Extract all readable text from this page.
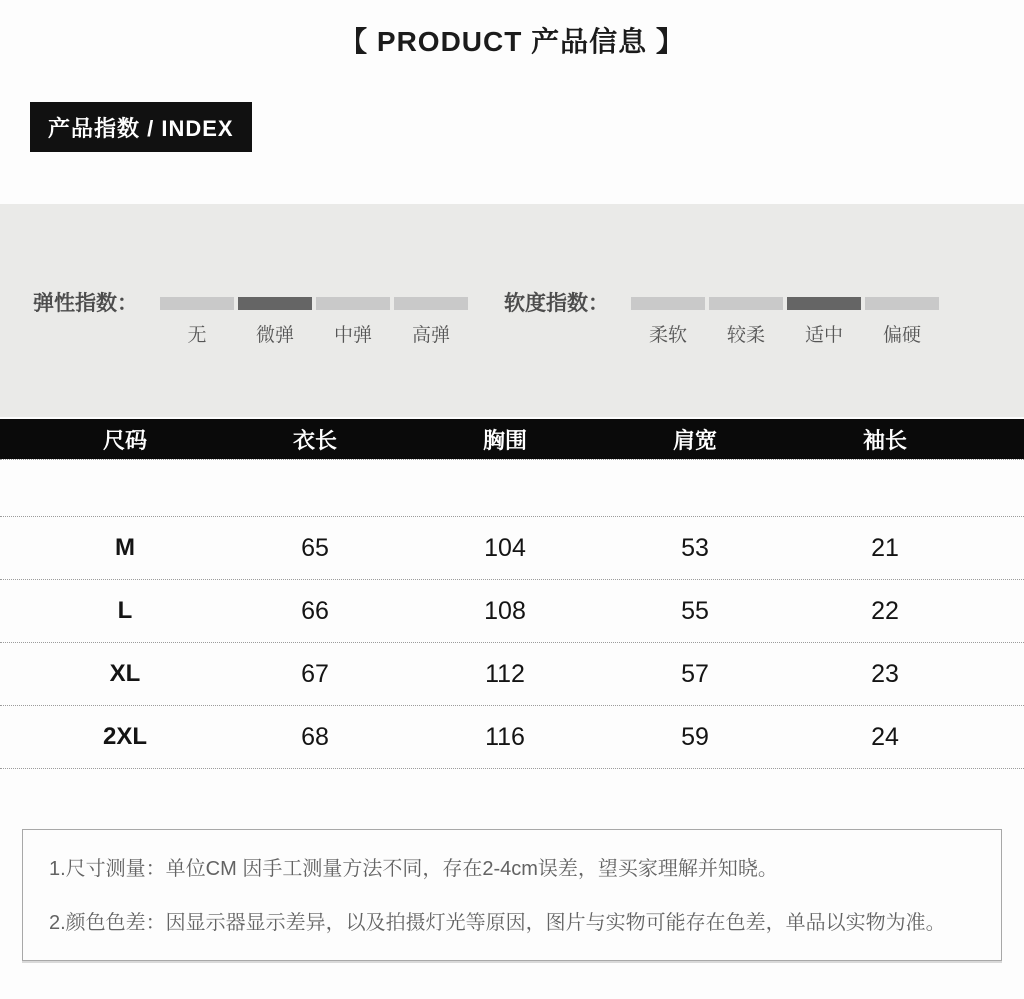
【 PRODUCT 产品信息 】
产品指数 / INDEX
弹性指数：
无	微弹	中弹	高弹
软度指数：
柔软	较柔	适中	偏硬
尺码	衣长	胸围	肩宽	袖长
M	65	104	53	21
L	66	108	55	22
XL	67	112	57	23
2XL	68	116	59	24
1.尺寸测量：单位CM 因手工测量方法不同，存在2-4cm误差，望买家理解并知晓。
2.颜色色差：因显示器显示差异，以及拍摄灯光等原因，图片与实物可能存在色差，单品以实物为准。
